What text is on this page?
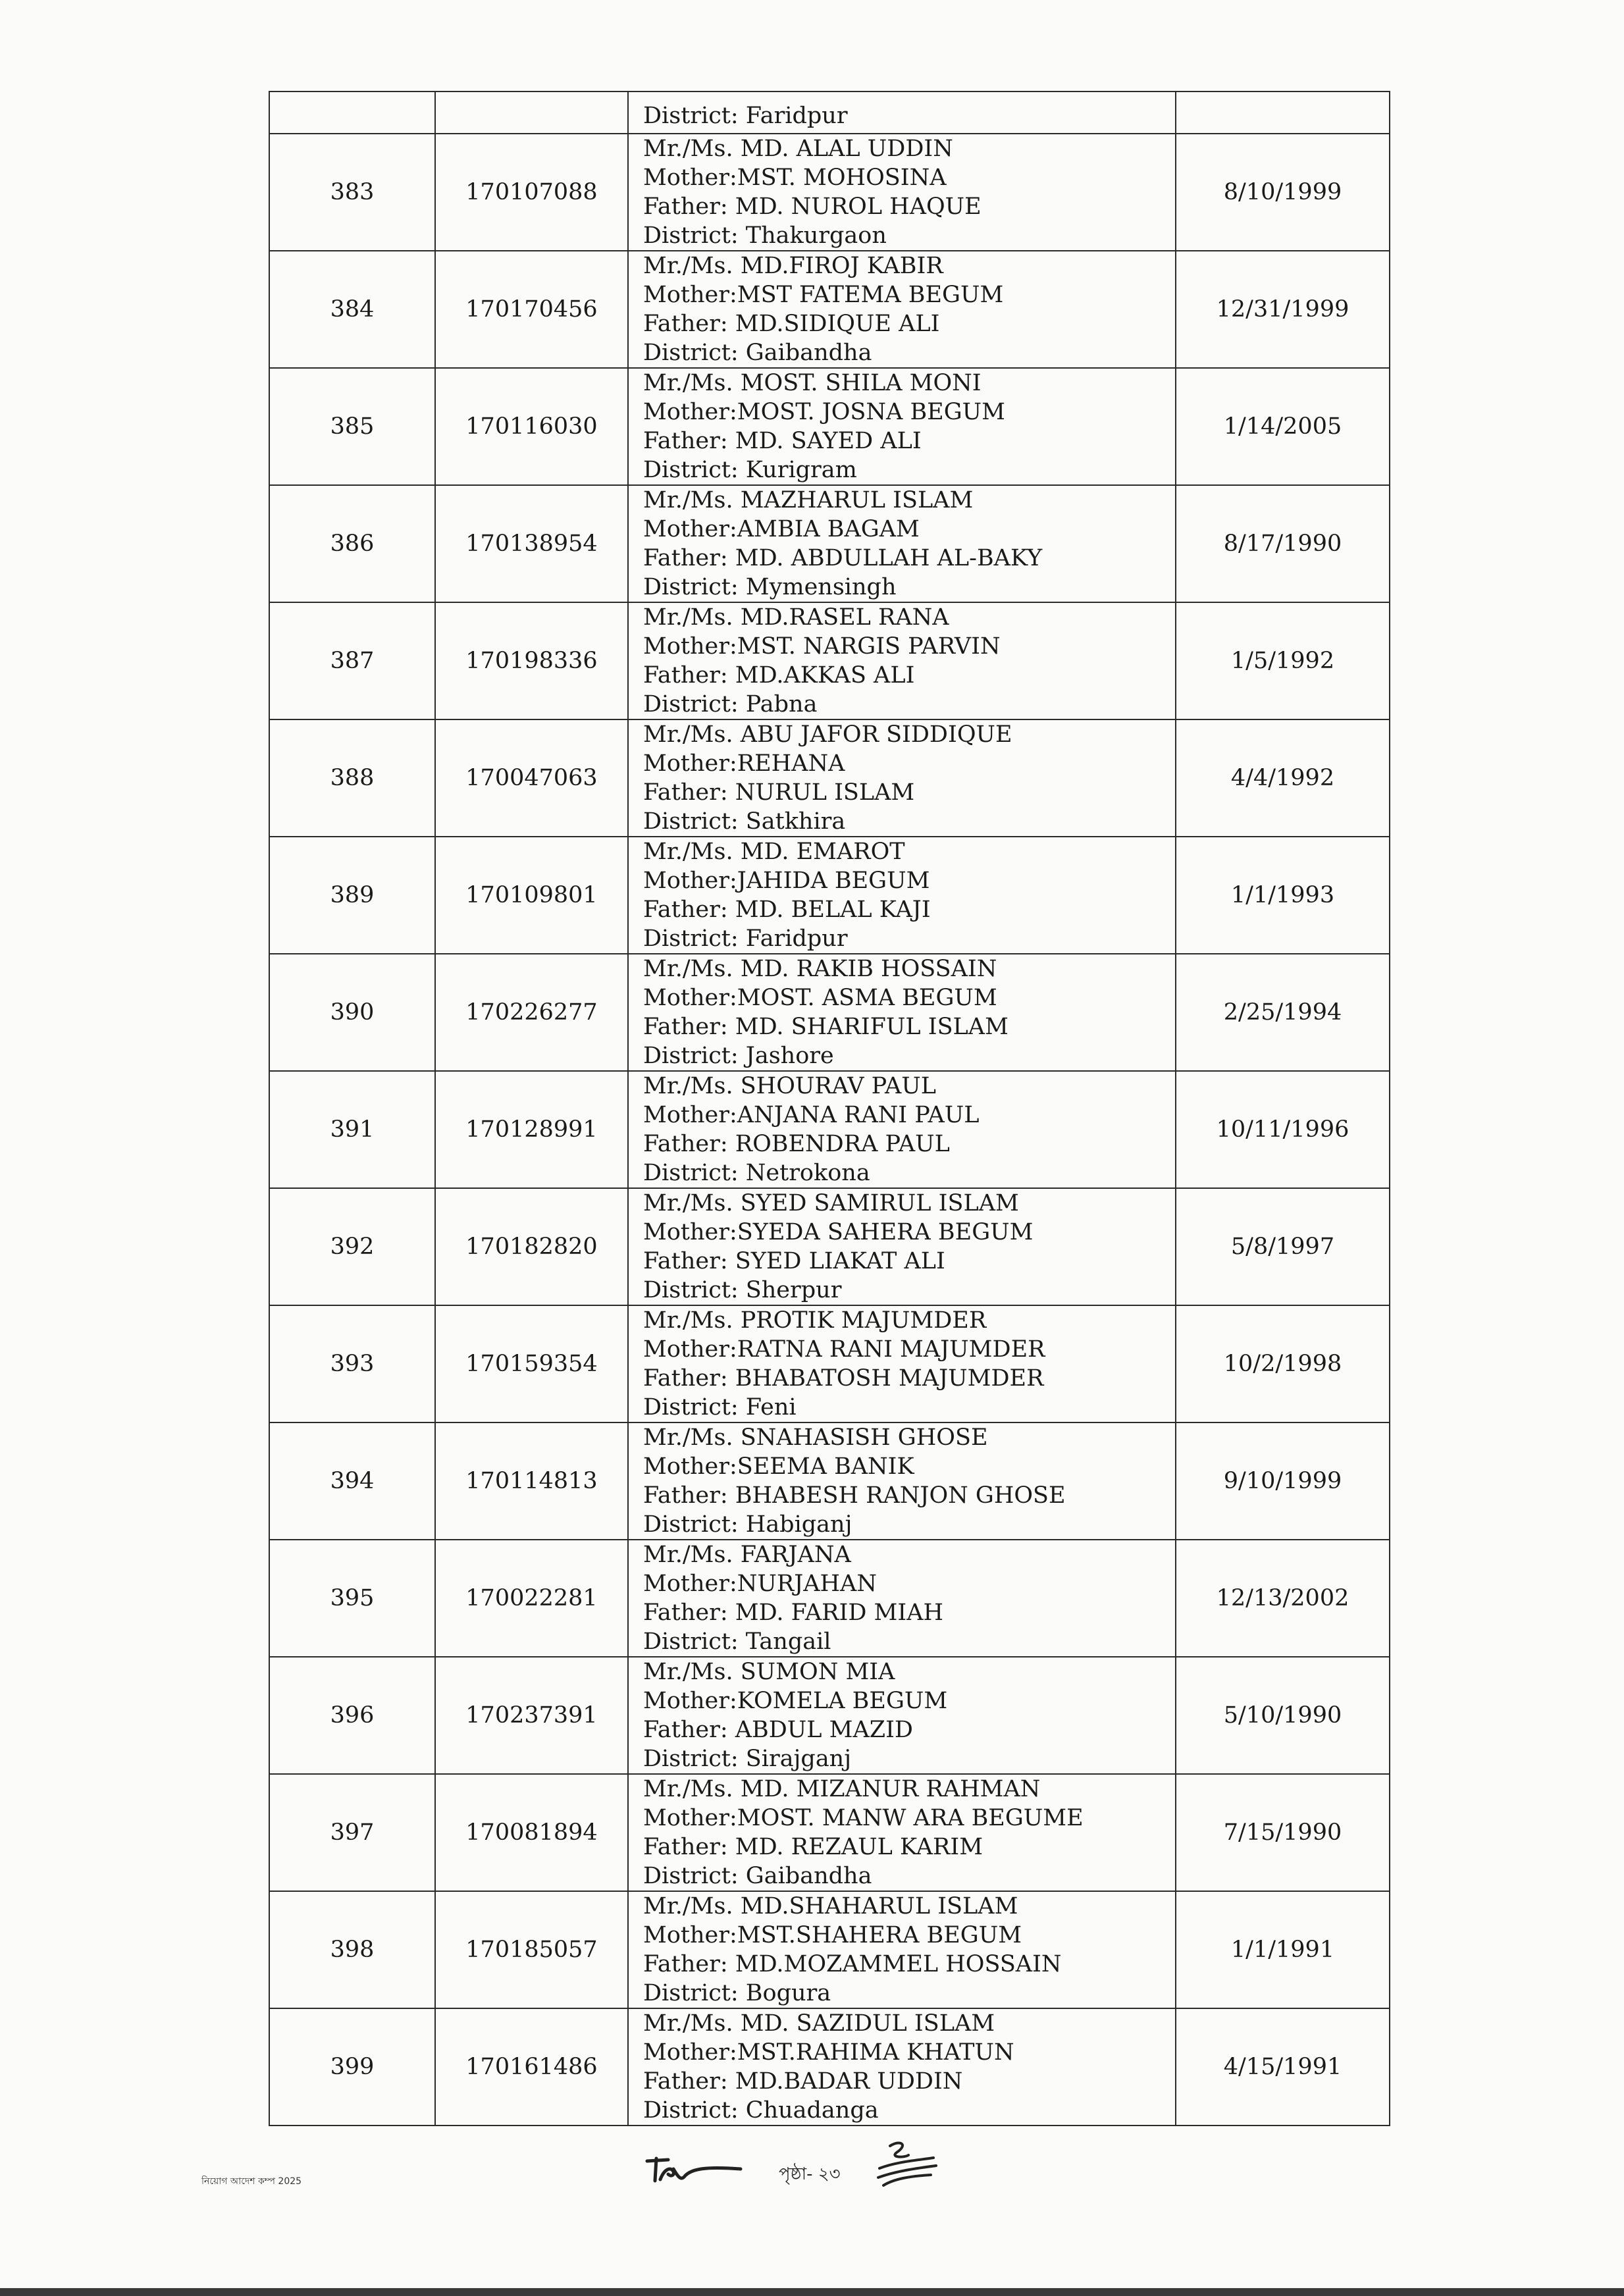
		District: Faridpur	

383	170107088	Mr./Ms. MD. ALAL UDDIN
Mother:MST. MOHOSINA
Father: MD. NUROL HAQUE
District: Thakurgaon	8/10/1999
384	170170456	Mr./Ms. MD.FIROJ KABIR
Mother:MST FATEMA BEGUM
Father: MD.SIDIQUE ALI
District: Gaibandha	12/31/1999
385	170116030	Mr./Ms. MOST. SHILA MONI
Mother:MOST. JOSNA BEGUM
Father: MD. SAYED ALI
District: Kurigram	1/14/2005
386	170138954	Mr./Ms. MAZHARUL ISLAM
Mother:AMBIA BAGAM
Father: MD. ABDULLAH AL-BAKY
District: Mymensingh	8/17/1990
387	170198336	Mr./Ms. MD.RASEL RANA
Mother:MST. NARGIS PARVIN
Father: MD.AKKAS ALI
District: Pabna	1/5/1992
388	170047063	Mr./Ms. ABU JAFOR SIDDIQUE
Mother:REHANA
Father: NURUL ISLAM
District: Satkhira	4/4/1992
389	170109801	Mr./Ms. MD. EMAROT
Mother:JAHIDA BEGUM
Father: MD. BELAL KAJI
District: Faridpur	1/1/1993
390	170226277	Mr./Ms. MD. RAKIB HOSSAIN
Mother:MOST. ASMA BEGUM
Father: MD. SHARIFUL ISLAM
District: Jashore	2/25/1994
391	170128991	Mr./Ms. SHOURAV PAUL
Mother:ANJANA RANI PAUL
Father: ROBENDRA PAUL
District: Netrokona	10/11/1996
392	170182820	Mr./Ms. SYED SAMIRUL ISLAM
Mother:SYEDA SAHERA BEGUM
Father: SYED LIAKAT ALI
District: Sherpur	5/8/1997
393	170159354	Mr./Ms. PROTIK MAJUMDER
Mother:RATNA RANI MAJUMDER
Father: BHABATOSH MAJUMDER
District: Feni	10/2/1998
394	170114813	Mr./Ms. SNAHASISH GHOSE
Mother:SEEMA BANIK
Father: BHABESH RANJON GHOSE
District: Habiganj	9/10/1999
395	170022281	Mr./Ms. FARJANA
Mother:NURJAHAN
Father: MD. FARID MIAH
District: Tangail	12/13/2002
396	170237391	Mr./Ms. SUMON MIA
Mother:KOMELA BEGUM
Father: ABDUL MAZID
District: Sirajganj	5/10/1990
397	170081894	Mr./Ms. MD. MIZANUR RAHMAN
Mother:MOST. MANW ARA BEGUME
Father: MD. REZAUL KARIM
District: Gaibandha	7/15/1990
398	170185057	Mr./Ms. MD.SHAHARUL ISLAM
Mother:MST.SHAHERA BEGUM
Father: MD.MOZAMMEL HOSSAIN
District: Bogura	1/1/1991
399	170161486	Mr./Ms. MD. SAZIDUL ISLAM
Mother:MST.RAHIMA KHATUN
Father: MD.BADAR UDDIN
District: Chuadanga	4/15/1991
নিয়োগ আদেশ কম্প 2025	পৃষ্ঠা- ২৩
